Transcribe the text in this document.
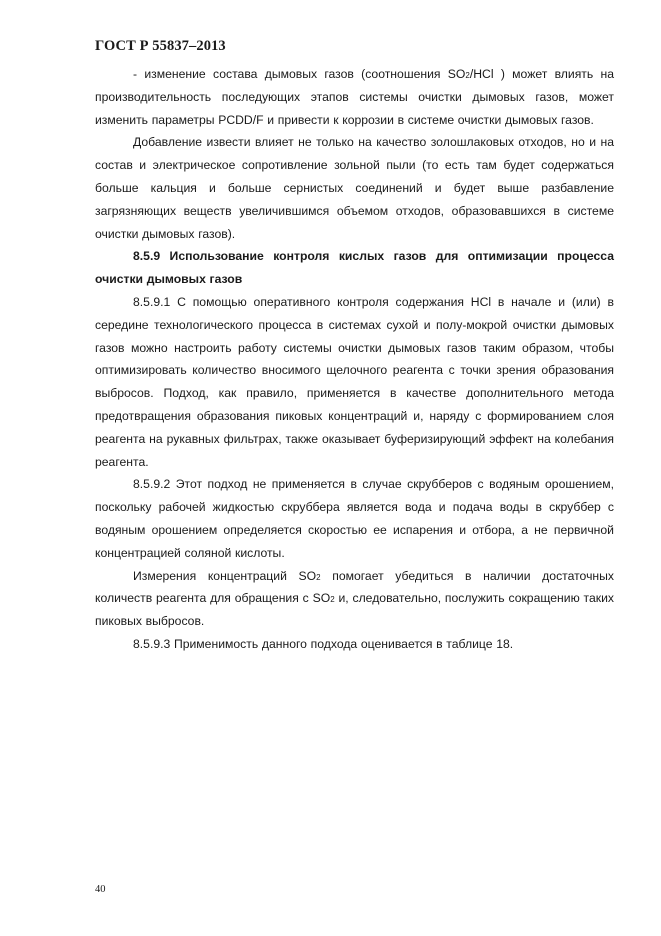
ГОСТ Р 55837–2013

- изменение состава дымовых газов (соотношения SO2/HCl ) может влиять на производительность последующих этапов системы очистки дымовых газов, может изменить параметры PCDD/F и привести к коррозии в системе очистки дымовых газов.

Добавление извести влияет не только на качество золошлаковых отходов, но и на состав и электрическое сопротивление зольной пыли (то есть там будет содержаться больше кальция и больше сернистых соединений и будет выше разбавление загрязняющих веществ увеличившимся объемом отходов, образовавшихся в системе очистки дымовых газов).

8.5.9 Использование контроля кислых газов для оптимизации процесса очистки дымовых газов

8.5.9.1 С помощью оперативного контроля содержания HCl в начале и (или) в середине технологического процесса в системах сухой и полу-мокрой очистки дымовых газов можно настроить работу системы очистки дымовых газов таким образом, чтобы оптимизировать количество вносимого щелочного реагента с точки зрения образования выбросов. Подход, как правило, применяется в качестве дополнительного метода предотвращения образования пиковых концентраций и, наряду с формированием слоя реагента на рукавных фильтрах, также оказывает буферизирующий эффект на колебания реагента.

8.5.9.2 Этот подход не применяется в случае скрубберов с водяным орошением, поскольку рабочей жидкостью скруббера является вода и подача воды в скруббер с водяным орошением определяется скоростью ее испарения и отбора, а не первичной концентрацией соляной кислоты.

Измерения концентраций SO2 помогает убедиться в наличии достаточных количеств реагента для обращения с SO2 и, следовательно, послужить сокращению таких пиковых выбросов.

8.5.9.3 Применимость данного подхода оценивается в таблице 18.

40
